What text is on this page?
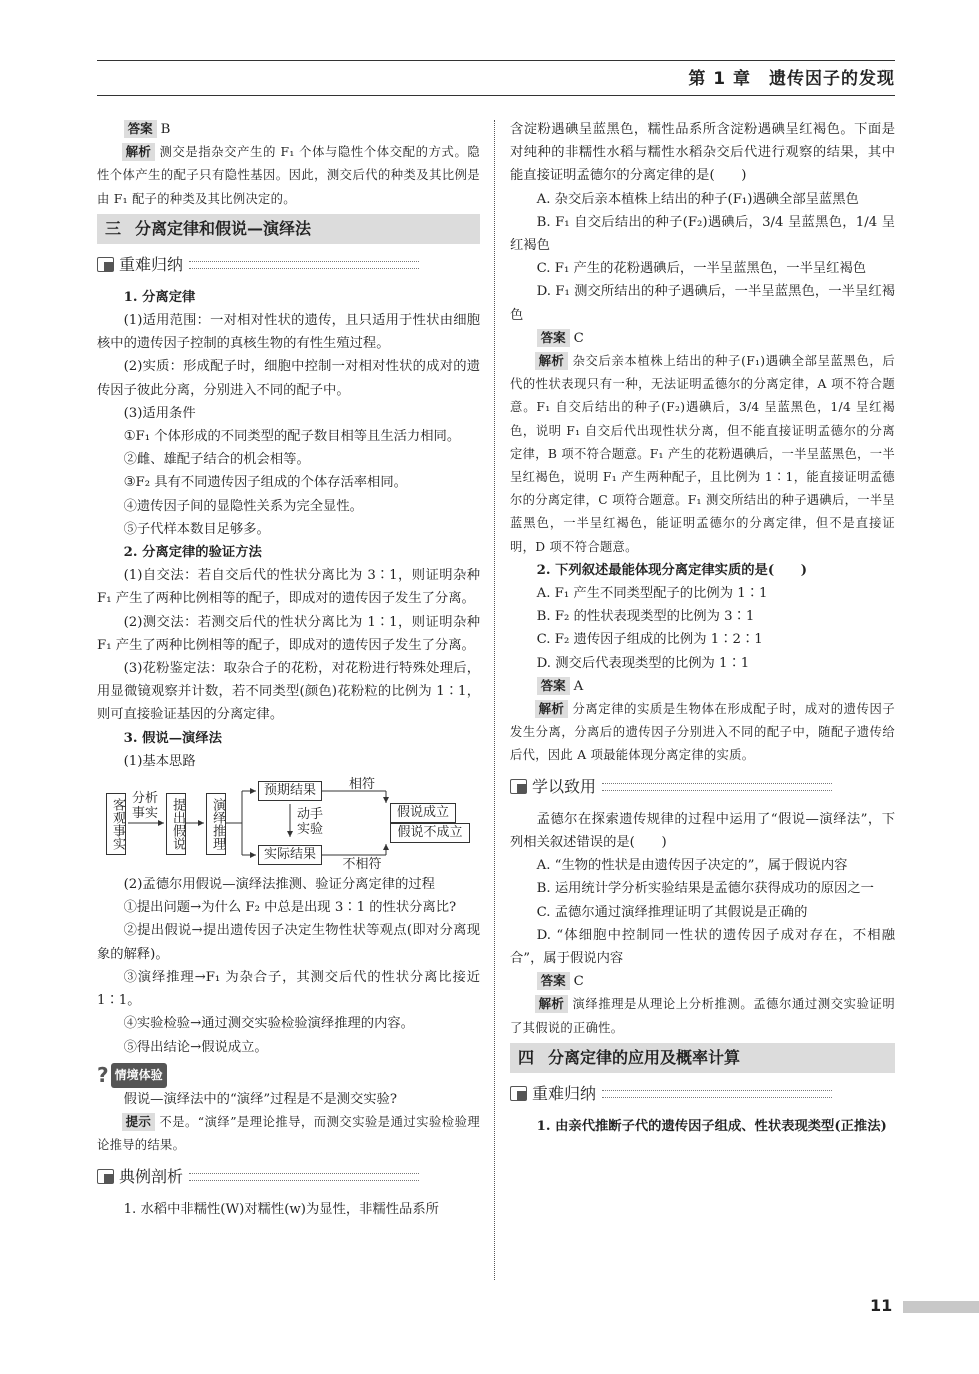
第 1 章　遗传因子的发现

答案 B

解析 测交是指杂交产生的 F₁ 个体与隐性个体交配的方式。隐性个体产生的配子只有隐性基因。因此，测交后代的种类及其比例是由 F₁ 配子的种类及其比例决定的。

三 分离定律和假说—演绎法
重难归纳

1. 分离定律

(1)适用范围：一对相对性状的遗传，且只适用于性状由细胞核中的遗传因子控制的真核生物的有性生殖过程。

(2)实质：形成配子时，细胞中控制一对相对性状的成对的遗传因子彼此分离，分别进入不同的配子中。

(3)适用条件

①F₁ 个体形成的不同类型的配子数目相等且生活力相同。

②雌、雄配子结合的机会相等。

③F₂ 具有不同遗传因子组成的个体存活率相同。

④遗传因子间的显隐性关系为完全显性。

⑤子代样本数目足够多。

2. 分离定律的验证方法

(1)自交法：若自交后代的性状分离比为 3∶1，则证明杂种 F₁ 产生了两种比例相等的配子，即成对的遗传因子发生了分离。

(2)测交法：若测交后代的性状分离比为 1∶1，则证明杂种 F₁ 产生了两种比例相等的配子，即成对的遗传因子发生了分离。

(3)花粉鉴定法：取杂合子的花粉，对花粉进行特殊处理后，用显微镜观察并计数，若不同类型(颜色)花粉粒的比例为 1∶1，则可直接验证基因的分离定律。

3. 假说—演绎法

(1)基本思路

客观事实 分析
事实 提出假说	演绎推理
预期结果
实际结果
动手
实验
相符
不相符
假说成立
假说不成立

(2)孟德尔用假说—演绎法推测、验证分离定律的过程

①提出问题→为什么 F₂ 中总是出现 3∶1 的性状分离比?

②提出假说→提出遗传因子决定生物性状等观点(即对分离现象的解释)。

③演绎推理→F₁ 为杂合子，其测交后代的性状分离比接近 1∶1。

④实验检验→通过测交实验检验演绎推理的内容。

⑤得出结论→假说成立。

? 情境体验

假说—演绎法中的“演绎”过程是不是测交实验?

提示 不是。“演绎”是理论推导，而测交实验是通过实验检验理论推导的结果。

典例剖析

1. 水稻中非糯性(W)对糯性(w)为显性，非糯性品系所

含淀粉遇碘呈蓝黑色，糯性品系所含淀粉遇碘呈红褐色。下面是对纯种的非糯性水稻与糯性水稻杂交后代进行观察的结果，其中能直接证明孟德尔的分离定律的是(　　)

A. 杂交后亲本植株上结出的种子(F₁)遇碘全部呈蓝黑色

B. F₁ 自交后结出的种子(F₂)遇碘后，3/4 呈蓝黑色，1/4 呈红褐色

C. F₁ 产生的花粉遇碘后，一半呈蓝黑色，一半呈红褐色

D. F₁ 测交所结出的种子遇碘后，一半呈蓝黑色，一半呈红褐色

答案 C

解析 杂交后亲本植株上结出的种子(F₁)遇碘全部呈蓝黑色，后代的性状表现只有一种，无法证明孟德尔的分离定律，A 项不符合题意。F₁ 自交后结出的种子(F₂)遇碘后，3/4 呈蓝黑色，1/4 呈红褐色，说明 F₁ 自交后代出现性状分离，但不能直接证明孟德尔的分离定律，B 项不符合题意。F₁ 产生的花粉遇碘后，一半呈蓝黑色，一半呈红褐色，说明 F₁ 产生两种配子，且比例为 1∶1，能直接证明孟德尔的分离定律，C 项符合题意。F₁ 测交所结出的种子遇碘后，一半呈蓝黑色，一半呈红褐色，能证明孟德尔的分离定律，但不是直接证明，D 项不符合题意。

2. 下列叙述最能体现分离定律实质的是(　　)

A. F₁ 产生不同类型配子的比例为 1∶1

B. F₂ 的性状表现类型的比例为 3∶1

C. F₂ 遗传因子组成的比例为 1∶2∶1

D. 测交后代表现类型的比例为 1∶1

答案 A

解析 分离定律的实质是生物体在形成配子时，成对的遗传因子发生分离，分离后的遗传因子分别进入不同的配子中，随配子遗传给后代，因此 A 项最能体现分离定律的实质。

学以致用

孟德尔在探索遗传规律的过程中运用了“假说—演绎法”，下列相关叙述错误的是(　　)

A. “生物的性状是由遗传因子决定的”，属于假说内容

B. 运用统计学分析实验结果是孟德尔获得成功的原因之一

C. 孟德尔通过演绎推理证明了其假说是正确的

D. “体细胞中控制同一性状的遗传因子成对存在，不相融合”，属于假说内容

答案 C

解析 演绎推理是从理论上分析推测。孟德尔通过测交实验证明了其假说的正确性。

四 分离定律的应用及概率计算
重难归纳

1. 由亲代推断子代的遗传因子组成、性状表现类型(正推法)

11
